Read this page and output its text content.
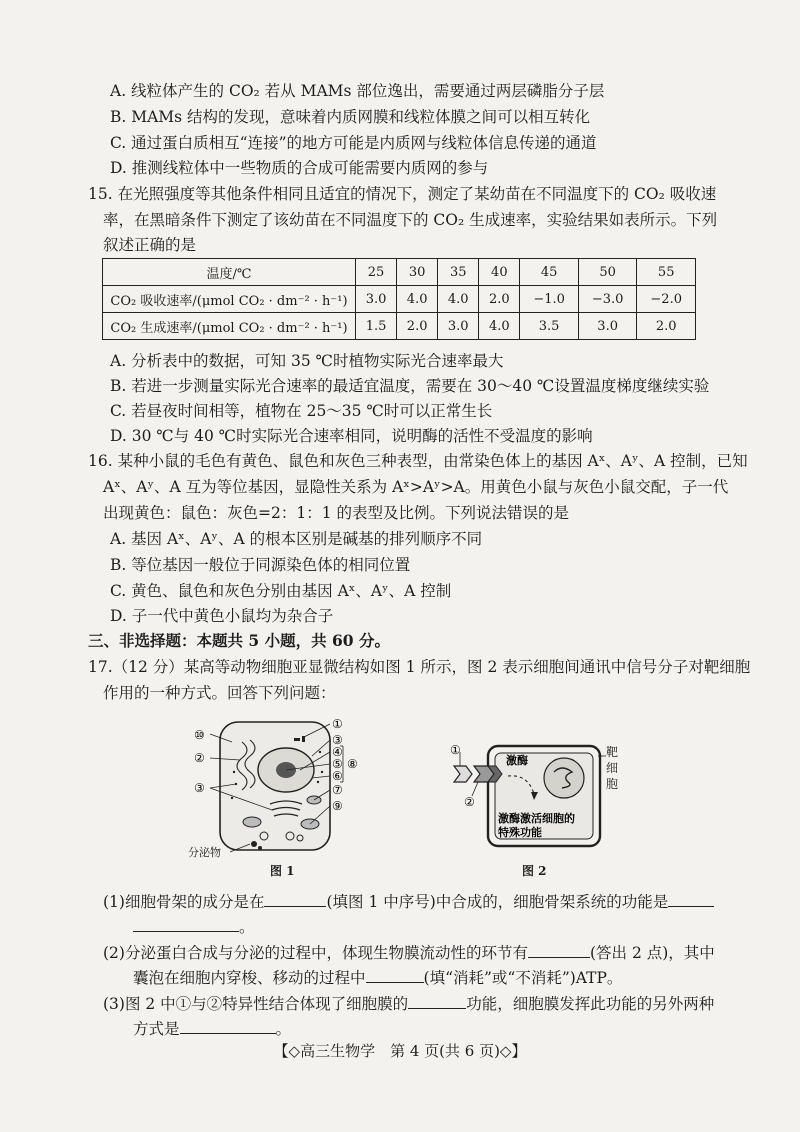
A. 线粒体产生的 CO₂ 若从 MAMs 部位逸出，需要通过两层磷脂分子层
B. MAMs 结构的发现，意味着内质网膜和线粒体膜之间可以相互转化
C. 通过蛋白质相互“连接”的地方可能是内质网与线粒体信息传递的通道
D. 推测线粒体中一些物质的合成可能需要内质网的参与
15. 在光照强度等其他条件相同且适宜的情况下，测定了某幼苗在不同温度下的 CO₂ 吸收速
率，在黑暗条件下测定了该幼苗在不同温度下的 CO₂ 生成速率，实验结果如表所示。下列
叙述正确的是
温度/℃	25	30	35	40	45	50	55
CO₂ 吸收速率/(μmol CO₂ · dm⁻² · h⁻¹)	3.0	4.0	4.0	2.0	−1.0	−3.0	−2.0
CO₂ 生成速率/(μmol CO₂ · dm⁻² · h⁻¹)	1.5	2.0	3.0	4.0	3.5	3.0	2.0
A. 分析表中的数据，可知 35 ℃时植物实际光合速率最大
B. 若进一步测量实际光合速率的最适宜温度，需要在 30～40 ℃设置温度梯度继续实验
C. 若昼夜时间相等，植物在 25～35 ℃时可以正常生长
D. 30 ℃与 40 ℃时实际光合速率相同，说明酶的活性不受温度的影响
16. 某种小鼠的毛色有黄色、鼠色和灰色三种表型，由常染色体上的基因 Aˣ、Aʸ、A 控制，已知
Aˣ、Aʸ、A 互为等位基因，显隐性关系为 Aˣ>Aʸ>A。用黄色小鼠与灰色小鼠交配，子一代
出现黄色：鼠色：灰色=2：1：1 的表型及比例。下列说法错误的是
A. 基因 Aˣ、Aʸ、A 的根本区别是碱基的排列顺序不同
B. 等位基因一般位于同源染色体的相同位置
C. 黄色、鼠色和灰色分别由基因 Aˣ、Aʸ、A 控制
D. 子一代中黄色小鼠均为杂合子
三、非选择题：本题共 5 小题，共 60 分。
17.（12 分）某高等动物细胞亚显微结构如图 1 所示，图 2 表示细胞间通讯中信号分子对靶细胞
作用的一种方式。回答下列问题：
⑩
①
②
③
④
⑤
⑥
③	⑦
⑨
⑧
分泌物
图 1
①
②
激酶
激酶激活细胞的
特殊功能
靶细胞
图 2
(1)细胞骨架的成分是在	(填图 1 中序号)中合成的，细胞骨架系统的功能是
。
(2)分泌蛋白合成与分泌的过程中，体现生物膜流动性的环节有	(答出 2 点)，其中
囊泡在细胞内穿梭、移动的过程中	(填“消耗”或“不消耗”)ATP。
(3)图 2 中①与②特异性结合体现了细胞膜的	功能，细胞膜发挥此功能的另外两种
方式是	。
【◇高三生物学　第 4 页(共 6 页)◇】
